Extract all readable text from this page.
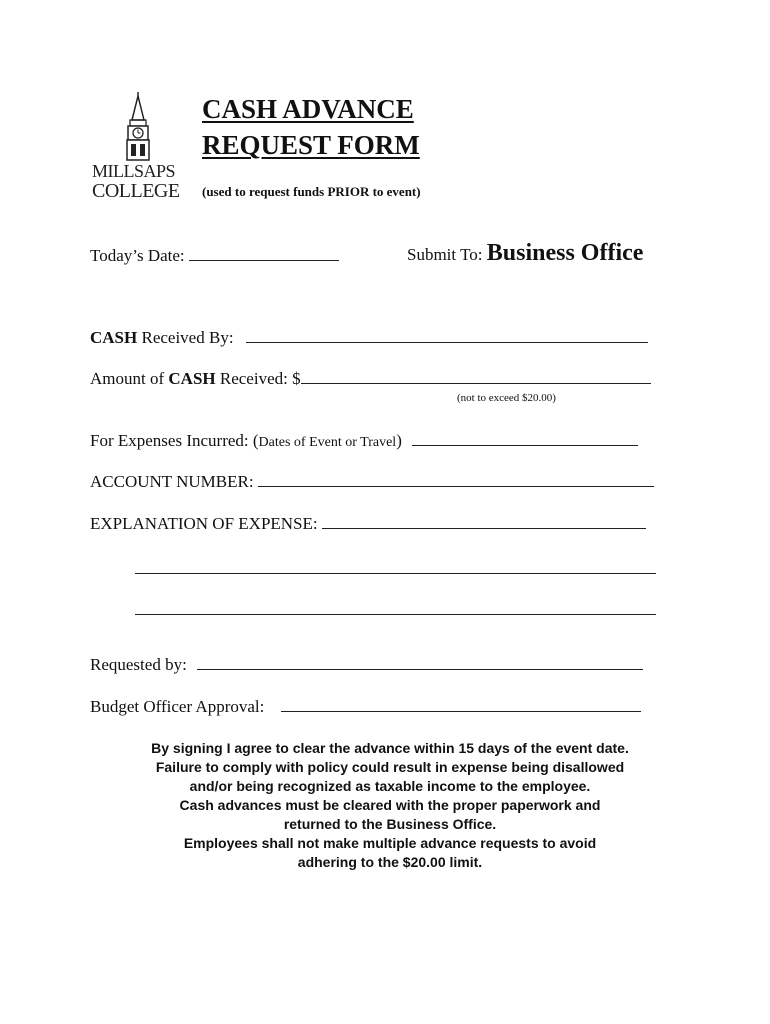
MILLSAPS
COLLEGE
CASH ADVANCE
REQUEST FORM
(used to request funds PRIOR to event)
Today’s Date:	Submit To: Business Office
CASH Received By:
Amount of CASH Received: $
(not to exceed $20.00)
For Expenses Incurred: (Dates of Event or Travel)
ACCOUNT NUMBER:
EXPLANATION OF EXPENSE:
Requested by:
Budget Officer Approval:
By signing I agree to clear the advance within 15 days of the event date.
Failure to comply with policy could result in expense being disallowed
and/or being recognized as taxable income to the employee.
Cash advances must be cleared with the proper paperwork and
returned to the Business Office.
Employees shall not make multiple advance requests to avoid
adhering to the $20.00 limit.
